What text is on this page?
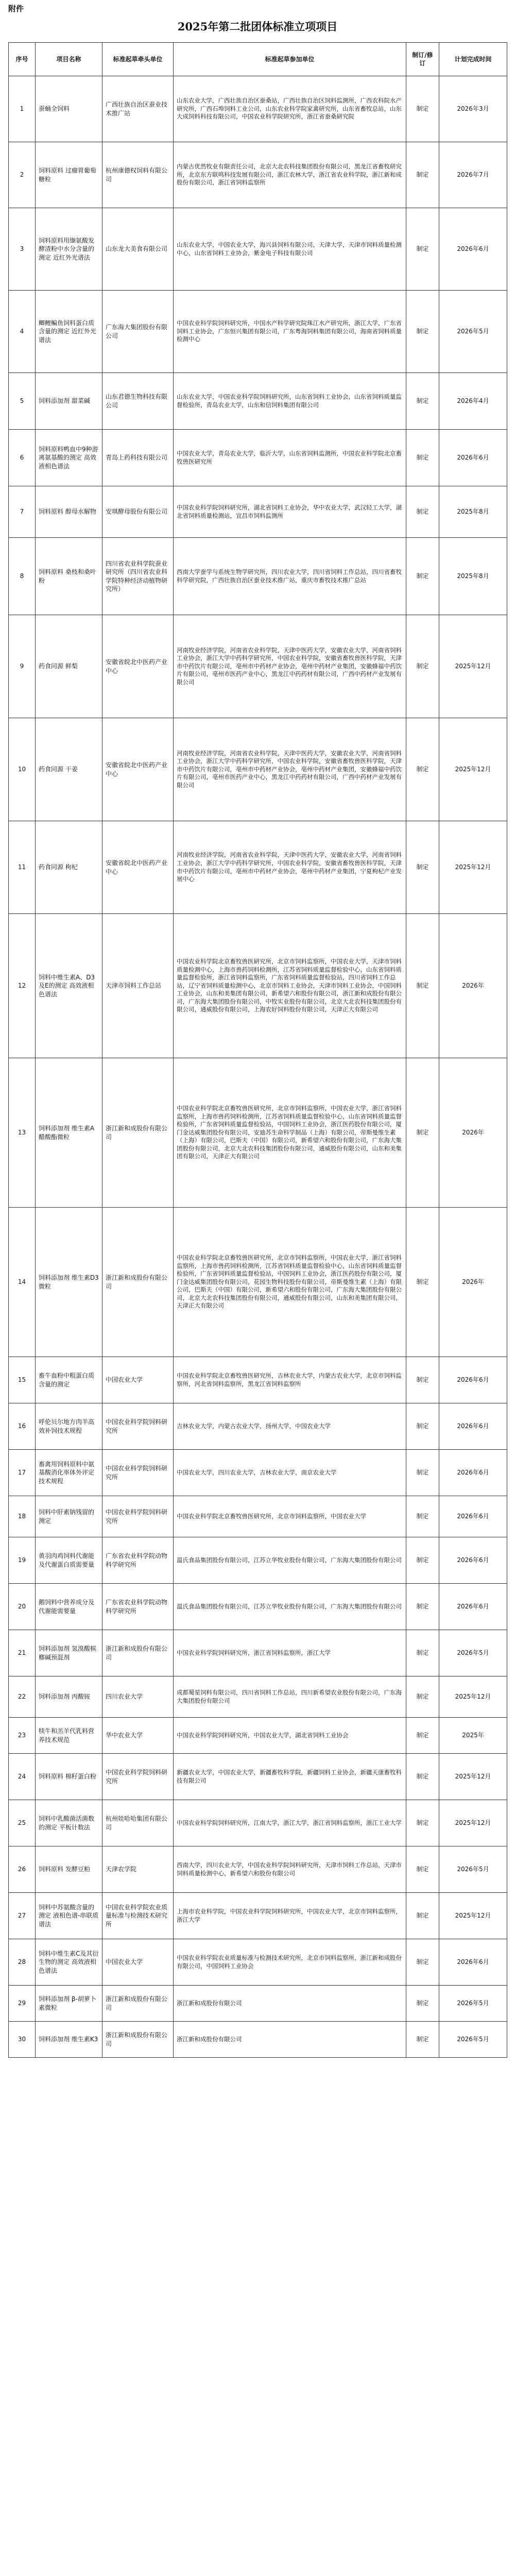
附件
2025年第二批团体标准立项项目
序号	项目名称	标准起草牵头单位	标准起草参加单位	制订/修订	计划完成时间
1	蚕蛹全饲料	广西壮族自治区蚕业技术推广站	山东农业大学，广西壮族自治区蚕桑站，广西壮族自治区饲料监测所，广西农科院水产研究所，广西石埠饲料工业公司，山东农业科学院家禽研究所，山东省畜牧总站，山东大成饲料科技有限公司，中国农业科学院研究所，浙江省蚕桑研究院	制定	2026年3月
2	饲料原料 过瘤胃葡萄糖粒	杭州康德权饲料有限公司	内蒙古优然牧业有限责任公司，北京大北农科技集团股份有限公司，黑龙江省畜牧研究所，北京东方联鸣科技发展有限公司，浙江农林大学，浙江省农业科学院，浙江新和成股份有限公司，浙江省饲料监察所	制定	2026年7月
3	饲料原料用缬氨酸发酵渣粉中水分含量的测定 近红外光谱法	山东龙大美食有限公司	山东农业大学，中国农业大学，海兴县饲料有限公司，天津大学，天津市饲料质量检测中心，山东省饲料工业协会，紫金电子科技有限公司	制定	2026年6月
4	鲫鲤鳊鱼饲料蛋白质含量的测定 近红外光谱法	广东海大集团股份有限公司	中国农业科学院饲料研究所，中国水产科学研究院珠江水产研究所，浙江大学，广东省饲料工业协会，广东恒兴集团有限公司，广东粤海饲料集团有限公司，海南省饲料质量检测中心	制定	2026年5月
5	饲料添加剂 甜菜碱	山东君德生物科技有限公司	山东农业大学，中国农业科学院饲料研究所，山东省饲料工业协会，山东省饲料质量监督检验所，青岛农业大学，山东和信饲料集团有限公司	制定	2026年4月
6	饲料原料鸭血中9种游离氨基酸的测定 高效液相色谱法	青岛上药科技有限公司	中国农业大学，青岛农业大学，临沂大学，山东省饲料监测所，中国农业科学院北京畜牧兽医研究所	制定	2026年6月
7	饲料原料 醇母水解物	安琪酵母股份有限公司	中国农业科学院饲料研究所，湖北省饲料工业协会，华中农业大学，武汉轻工大学，湖北省饲料质量检测站，宜昌市饲料监测所	制定	2025年8月
8	饲料原料 桑枝和桑叶粉	四川省农业科学院蚕业研究所（四川省农业科学院特种经济动植物研究所）	西南大学蚕学与系统生物学研究所，四川农业大学，四川省饲料工作总站，四川省畜牧科学研究院，广西壮族自治区蚕业技术推广站，重庆市畜牧技术推广总站	制定	2025年8月
9	药食同源 鲜梨	安徽省皖北中医药产业中心	河南牧业经济学院，河南省农业科学院，天津中医药大学，安徽农业大学，河南省饲料工业协会，浙江大学中药科学研究所，中国农业科学院，安徽省畜牧兽医科学院，天津市中药饮片有限公司，亳州市中药材产业协会，亳州中药材产业集团，安徽蜂福中药饮片有限公司，亳州市医药产业中心，黑龙江中药药材有限公司，广西中药材产业发展有限公司	制定	2025年12月
10	药食同源 干姜	安徽省皖北中医药产业中心	河南牧业经济学院，河南省农业科学院，天津中医药大学，安徽农业大学，河南省饲料工业协会，浙江大学中药科学研究所，中国农业科学院，安徽省畜牧兽医科学院，天津市中药饮片有限公司，亳州市中药材产业协会，亳州中药材产业集团，安徽蜂福中药饮片有限公司，亳州市医药产业中心，黑龙江中药药材有限公司，广西中药材产业发展有限公司	制定	2025年12月
11	药食同源 枸杞	安徽省皖北中医药产业中心	河南牧业经济学院，河南省农业科学院，天津中医药大学，安徽农业大学，河南省饲料工业协会，浙江大学中药科学研究所，中国农业科学院，安徽省畜牧兽医科学院，天津市中药饮片有限公司，亳州市中药材产业协会，亳州中药材产业集团，宁夏枸杞产业发展中心	制定	2025年12月
12	饲料中维生素A、D3及E的测定 高效液相色谱法	天津市饲料工作总站	中国农业科学院北京畜牧兽医研究所，北京市饲料监察所，中国农业大学，天津市饲料质量检测中心，上海市兽药饲料检测所，江苏省饲料质量监督检验中心，山东省饲料质量监督检验所，浙江省饲料监察所，广东省饲料质量监督检验站，四川省饲料工作总站，辽宁省饲料质量检测中心，北京市饲料工业协会，天津市饲料工业协会，中国饲料工业协会，山东和美集团有限公司，新希望六和股份有限公司，浙江新和成股份有限公司，广东海大集团股份有限公司，中牧实业股份有限公司，北京大北农科技集团股份有限公司，通威股份有限公司，上海农好饲料股份有限公司，天津正大有限公司	制定	2026年
13	饲料添加剂 维生素A醋酸酯微粒	浙江新和成股份有限公司	中国农业科学院北京畜牧兽医研究所，北京市饲料监察所，中国农业大学，浙江省饲料监察所，上海市兽药饲料检测所，江苏省饲料质量监督检验中心，山东省饲料质量监督检验所，广东省饲料质量监督检验站，中国饲料工业协会，浙江医药股份有限公司，厦门金达威集团股份有限公司，安迪苏生命科学制品（上海）有限公司，帝斯曼维生素（上海）有限公司，巴斯夫（中国）有限公司，新希望六和股份有限公司，广东海大集团股份有限公司，北京大北农科技集团股份有限公司，通威股份有限公司，山东和美集团有限公司，天津正大有限公司	制定	2026年
14	饲料添加剂 维生素D3微粒	浙江新和成股份有限公司	中国农业科学院北京畜牧兽医研究所，北京市饲料监察所，中国农业大学，浙江省饲料监察所，上海市兽药饲料检测所，江苏省饲料质量监督检验中心，山东省饲料质量监督检验所，广东省饲料质量监督检验站，中国饲料工业协会，浙江医药股份有限公司，厦门金达威集团股份有限公司，花园生物科技股份有限公司，帝斯曼维生素（上海）有限公司，巴斯夫（中国）有限公司，新希望六和股份有限公司，广东海大集团股份有限公司，北京大北农科技集团股份有限公司，通威股份有限公司，山东和美集团有限公司，天津正大有限公司	制定	2026年
15	畜牛血粉中粗蛋白质含量的测定	中国农业大学	中国农业科学院北京畜牧兽医研究所，吉林农业大学，内蒙古农业大学，北京市饲料监察所，河北省饲料监察所，黑龙江省饲料监察所	制定	2026年6月
16	呼伦贝尔地方肉羊高效补饲技术规程	中国农业科学院饲料研究所	吉林农业大学，内蒙古农业大学，扬州大学，中国农业大学	制定	2026年6月
17	畜禽用饲料原料中氨基酸消化率体外评定技术规程	中国农业科学院饲料研究所	中国农业大学，四川农业大学，吉林农业大学，南京农业大学	制定	2026年6月
18	饲料中肝素钠残留的测定	中国农业科学院饲料研究所	中国农业科学院北京畜牧兽医研究所，北京市饲料监察所，中国农业大学	制定	2026年6月
19	黄羽肉鸡饲料代谢能及代谢蛋白质需要量	广东省农业科学院动物科学研究所	温氏食品集团股份有限公司，江苏立华牧业股份有限公司，广东海大集团股份有限公司	制定	2026年6月
20	鹅饲料中营养成分及代谢能需要量	广东省农业科学院动物科学研究所	温氏食品集团股份有限公司，江苏立华牧业股份有限公司，广东海大集团股份有限公司	制定	2026年6月
21	饲料添加剂 氢溴酸槟榔碱预混剂	浙江新和成股份有限公司	中国农业科学院饲料研究所，浙江省饲料监察所，浙江大学	制定	2026年5月
22	饲料添加剂 丙酸铵	四川农业大学	成都蜀星饲料有限公司，四川省饲料工作总站，四川新希望农业股份有限公司，广东海大集团股份有限公司	制定	2025年12月
23	犊牛和羔羊代乳料营养技术规范	华中农业大学	中国农业科学院饲料研究所，中国农业大学，湖北省饲料工业协会	制定	2025年
24	饲料原料 棉籽蛋白粉	中国农业科学院饲料研究所	新疆农业大学，中国农业大学，新疆畜牧科学院，新疆饲料工业协会，新疆天康畜牧科技有限公司	制定	2025年12月
25	饲料中乳酸菌活菌数的测定 平板计数法	杭州娃哈哈集团有限公司	中国农业科学院饲料研究所，江南大学，浙江大学，浙江省饲料监察所，浙江工业大学	制定	2025年12月
26	饲料原料 发酵豆粕	天津农学院	西南大学，四川农业大学，中国农业科学院饲料研究所，天津市饲料工作总站，天津市饲料质量检测中心，新希望六和股份有限公司	制定	2026年5月
27	饲料中苏氨酸含量的测定 液相色谱-串联质谱法	中国农业科学院农业质量标准与检测技术研究所	上海市农业科学院，中国农业科学院饲料研究所，中国农业大学，北京市饲料监察所，浙江大学	制定	2025年12月
28	饲料中维生素C及其衍生物的测定 高效液相色谱法	中国农业大学	中国农业科学院农业质量标准与检测技术研究所，北京市饲料监察所，浙江新和成股份有限公司，中国饲料工业协会	制定	2026年6月
29	饲料添加剂 β-胡萝卜素微粒	浙江新和成股份有限公司	浙江新和成股份有限公司	制定	2026年5月
30	饲料添加剂 维生素K3	浙江新和成股份有限公司	浙江新和成股份有限公司	制定	2026年5月
